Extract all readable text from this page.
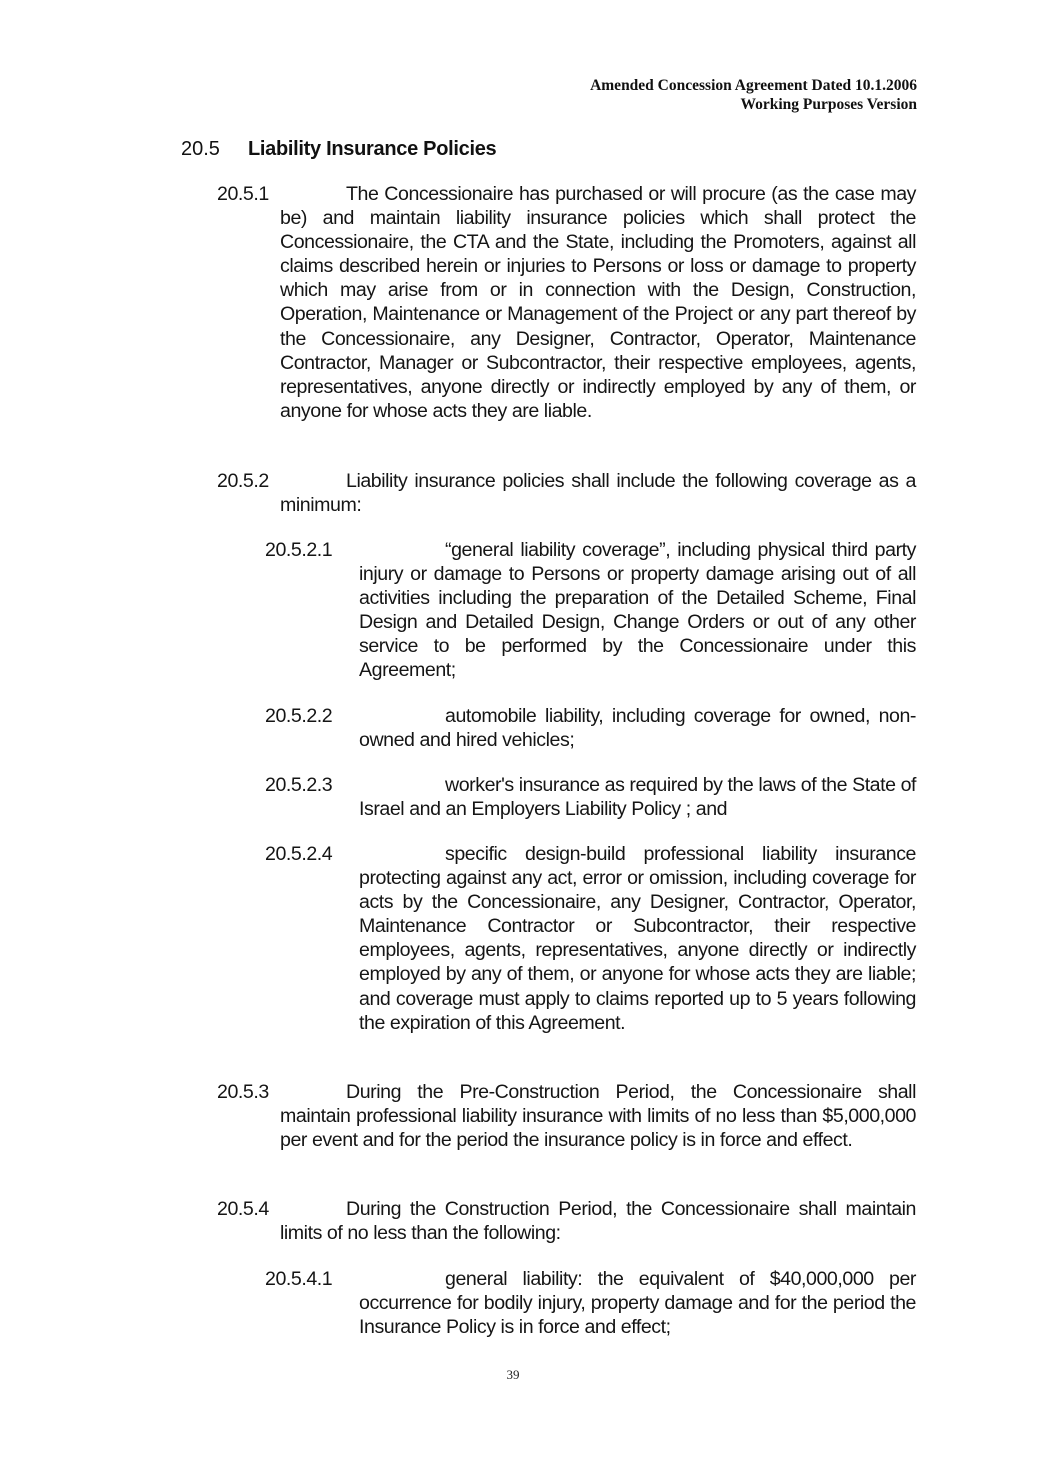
Amended Concession Agreement Dated 10.1.2006
Working Purposes Version
20.5 Liability Insurance Policies
20.5.1	The Concessionaire has purchased or will procure (as the case may be) and maintain liability insurance policies which shall protect the Concessionaire, the CTA and the State, including the Promoters, against all claims described herein or injuries to Persons or loss or damage to property which may arise from or in connection with the Design, Construction, Operation, Maintenance or Management of the Project or any part thereof by the Concessionaire, any Designer, Contractor, Operator, Maintenance Contractor, Manager or Subcontractor, their respective employees, agents, representatives, anyone directly or indirectly employed by any of them, or anyone for whose acts they are liable.
20.5.2	Liability insurance policies shall include the following coverage as a minimum:
20.5.2.1	“general liability coverage”, including physical third party injury or damage to Persons or property damage arising out of all activities including the preparation of the Detailed Scheme, Final Design and Detailed Design, Change Orders or out of any other service to be performed by the Concessionaire under this Agreement;
20.5.2.2	automobile liability, including coverage for owned, non-owned and hired vehicles;
20.5.2.3	worker's insurance as required by the laws of the State of Israel and an Employers Liability Policy ; and
20.5.2.4	specific design-build professional liability insurance protecting against any act, error or omission, including coverage for acts by the Concessionaire, any Designer, Contractor, Operator, Maintenance Contractor or Subcontractor, their respective employees, agents, representatives, anyone directly or indirectly employed by any of them, or anyone for whose acts they are liable; and coverage must apply to claims reported up to 5 years following the expiration of this Agreement.
20.5.3	During the Pre-Construction Period, the Concessionaire shall maintain professional liability insurance with limits of no less than $5,000,000 per event and for the period the insurance policy is in force and effect.
20.5.4	During the Construction Period, the Concessionaire shall maintain limits of no less than the following:
20.5.4.1	general liability: the equivalent of $40,000,000 per occurrence for bodily injury, property damage and for the period the Insurance Policy is in force and effect;
39
